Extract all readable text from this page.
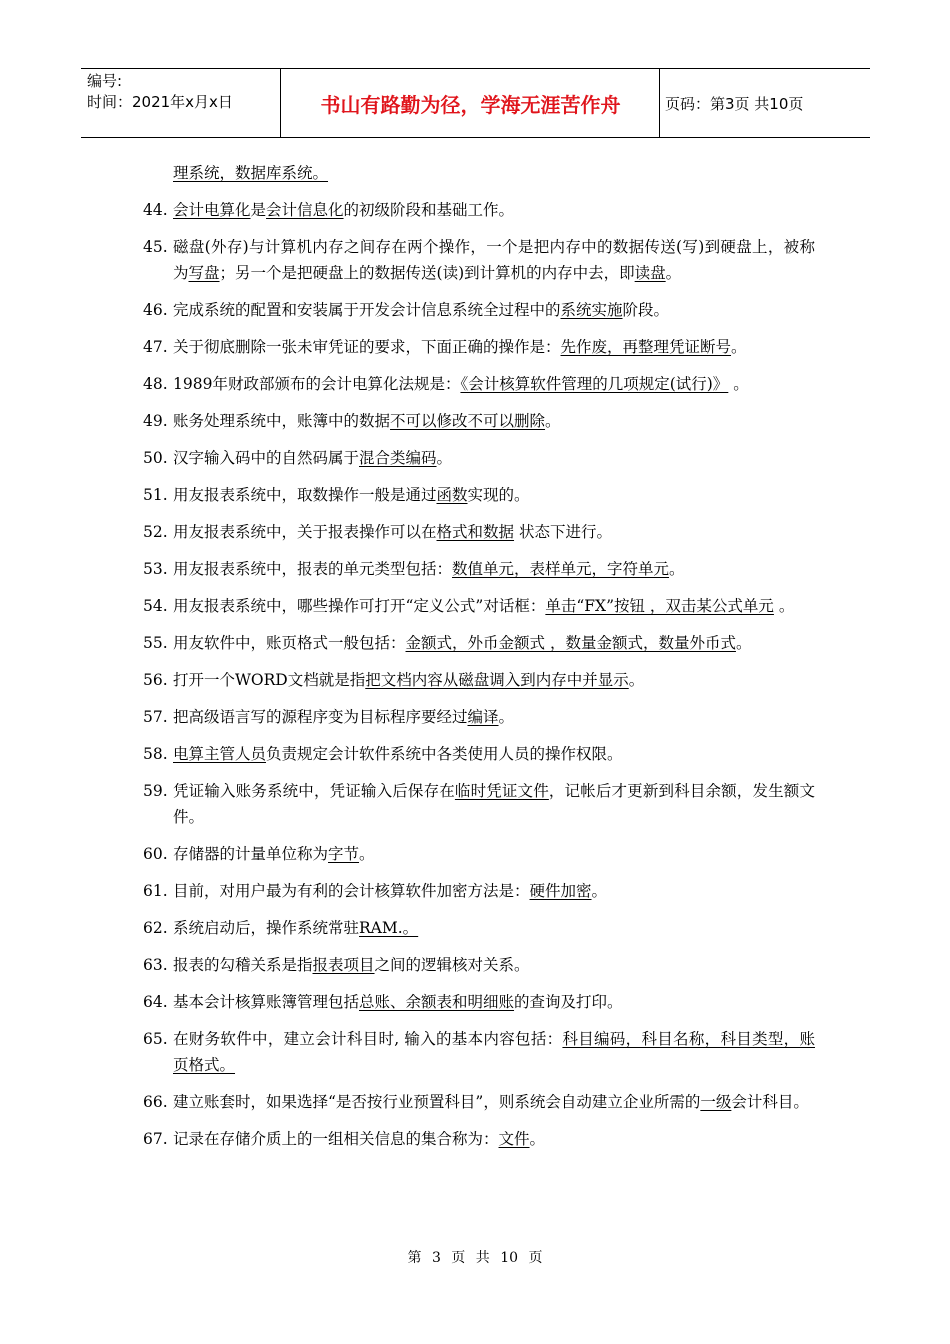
编号:
时间：2021年x月x日	书山有路勤为径，学海无涯苦作舟	页码：第3页 共10页
理系统，数据库系统。
44. 会计电算化是会计信息化的初级阶段和基础工作。
45. 磁盘(外存)与计算机内存之间存在两个操作，一个是把内存中的数据传送(写)到硬盘上，被称为写盘；另一个是把硬盘上的数据传送(读)到计算机的内存中去，即读盘。
46. 完成系统的配置和安装属于开发会计信息系统全过程中的系统实施阶段。
47. 关于彻底删除一张未审凭证的要求，下面正确的操作是：先作废，再整理凭证断号。
48. 1989年财政部颁布的会计电算化法规是：《会计核算软件管理的几项规定(试行)》 。
49. 账务处理系统中，账簿中的数据不可以修改不可以删除。
50. 汉字输入码中的自然码属于混合类编码。
51. 用友报表系统中，取数操作一般是通过函数实现的。
52. 用友报表系统中，关于报表操作可以在格式和数据 状态下进行。
53. 用友报表系统中，报表的单元类型包括：数值单元，表样单元，字符单元。
54. 用友报表系统中，哪些操作可打开“定义公式”对话框：单击“FX”按钮 ，双击某公式单元 。
55. 用友软件中，账页格式一般包括：金额式，外币金额式 ，数量金额式，数量外币式。
56. 打开一个WORD文档就是指把文档内容从磁盘调入到内存中并显示。
57. 把高级语言写的源程序变为目标程序要经过编译。
58. 电算主管人员负责规定会计软件系统中各类使用人员的操作权限。
59. 凭证输入账务系统中，凭证输入后保存在临时凭证文件，记帐后才更新到科目余额，发生额文件。
60. 存储器的计量单位称为字节。
61. 目前，对用户最为有利的会计核算软件加密方法是：硬件加密。
62. 系统启动后，操作系统常驻RAM.。
63. 报表的勾稽关系是指报表项目之间的逻辑核对关系。
64. 基本会计核算账簿管理包括总账、余额表和明细账的查询及打印。
65. 在财务软件中，建立会计科目时, 输入的基本内容包括：科目编码，科目名称，科目类型，账页格式。
66. 建立账套时，如果选择“是否按行业预置科目”，则系统会自动建立企业所需的一级会计科目。
67. 记录在存储介质上的一组相关信息的集合称为：文件。
第 3 页 共 10 页
